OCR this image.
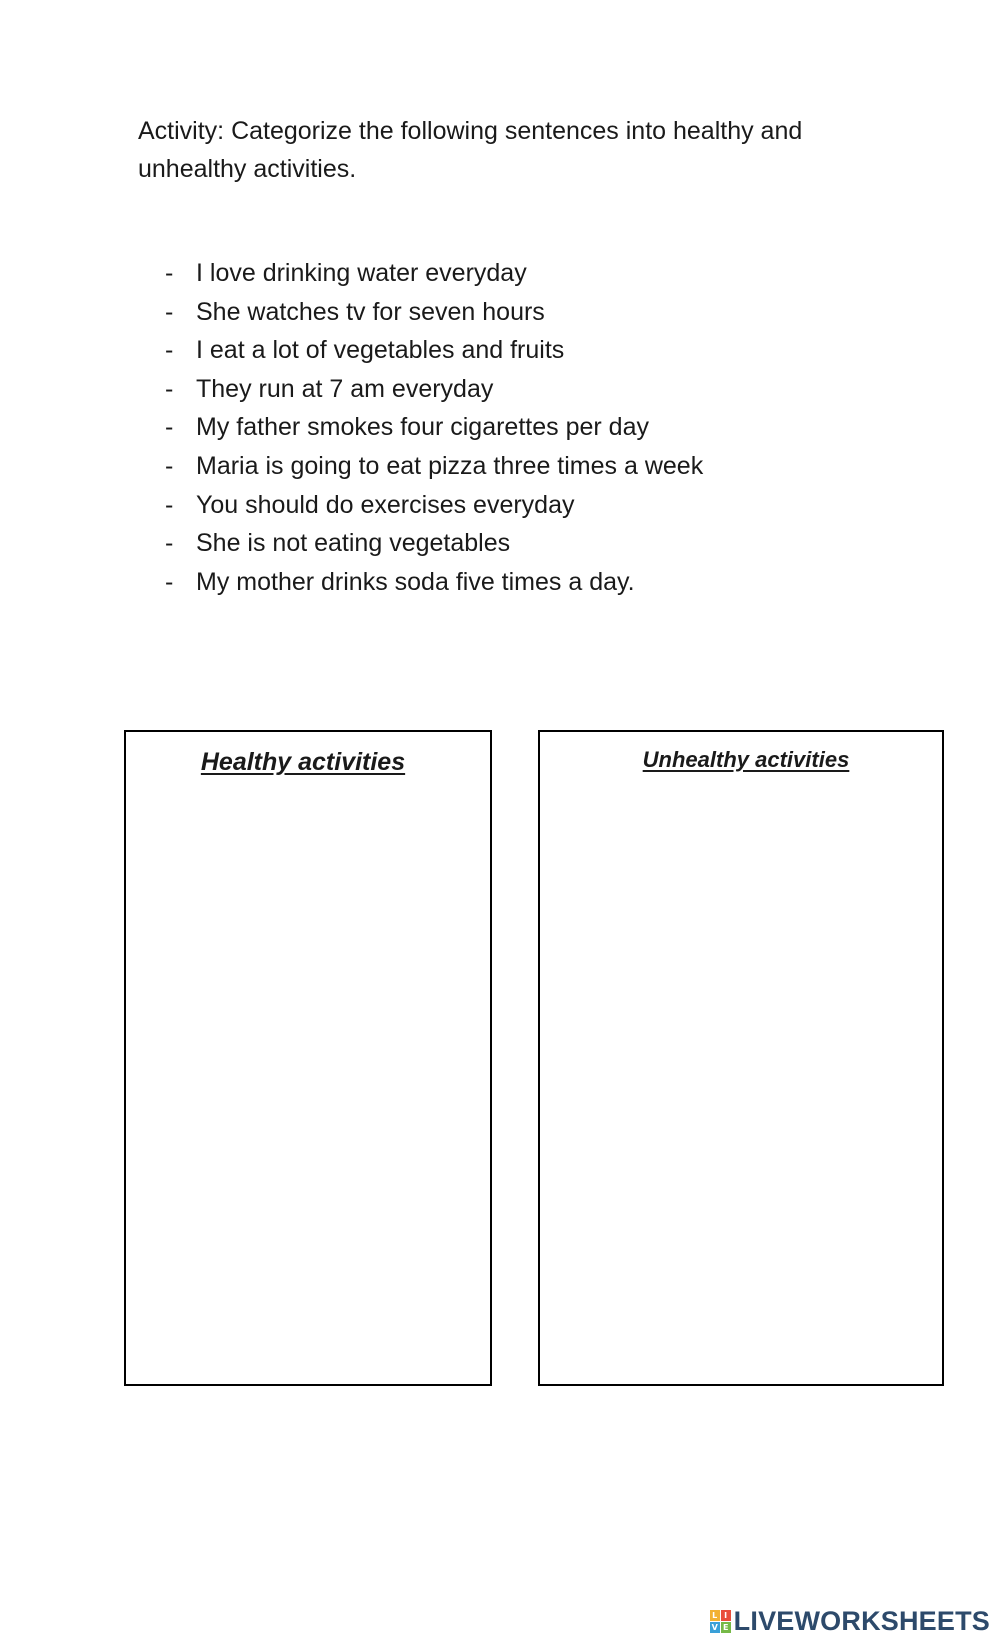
Activity: Categorize the following sentences into healthy and unhealthy activities.

- I love drinking water everyday
- She watches tv for seven hours
- I eat a lot of vegetables and fruits
- They run at 7 am everyday
- My father smokes four cigarettes per day
- Maria is going to eat pizza three times a week
- You should do exercises everyday
- She is not eating vegetables
- My mother drinks soda five times a day.

Healthy activities	Unhealthy activities

L I
V E LIVEWORKSHEETS
